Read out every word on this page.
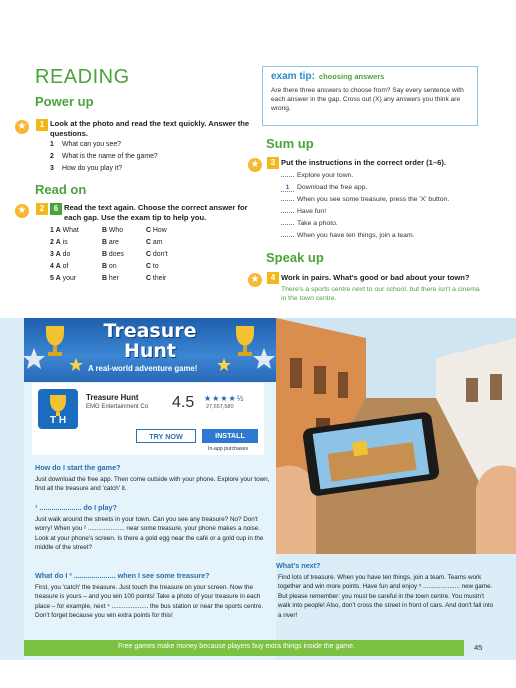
READING
Power up
★	1 Look at the photo and read the text quickly. Answer the questions.
1 What can you see?
2 What is the name of the game?
3 How do you play it?
Read on
★	2	6 Read the text again. Choose the correct answer for each gap. Use the exam tip to help you.
1 A What	B Who	C How
2 A is	B are	C am
3 A do	B does	C don't
4 A of	B on	C to
5 A your	B her	C their
exam tip: choosing answers
Are there three answers to choose from? Say every sentence with each answer in the gap. Cross out (X) any answers you think are wrong.
Sum up
★	3 Put the instructions in the correct order (1–6).
Explore your town.
1 Download the free app.
When you see some treasure, press the 'X' button.
Have fun!
Take a photo.
When you have ten things, join a team.
Speak up
★	4 Work in pairs. What's good or bad about your town?
There's a sports centre next to our school, but there isn't a cinema in the town centre.
Treasure
Hunt
A real-world adventure game!
T H
Treasure Hunt
EMG Entertainment Co 4.5 ★★★★½
27,657,580
TRY NOW	INSTALL
In-app purchases
How do I start the game?
Just download the free app. Then come outside with your phone. Explore your town, find all the treasure and 'catch' it.
¹ ..................... do I play?
Just walk around the streets in your town. Can you see any treasure? No? Don't worry! When you ² ..................... near some treasure, your phone makes a noise. Look at your phone's screen. Is there a gold egg near the café or a gold cup in the middle of the street?
What do I ³ ..................... when I see some treasure?
First, you 'catch' the treasure. Just touch the treasure on your screen. Now the treasure is yours – and you win 100 points! Take a photo of your treasure in each place – for example, next ⁴ ..................... the bus station or near the sports centre. Don't forget because you win extra points for this!
What's next?
Find lots of treasure. When you have ten things, join a team. Teams work together and win more points. Have fun and enjoy ⁵ ..................... new game. But please remember: you must be careful in the town centre. You mustn't walk into people! Also, don't cross the street in front of cars. And don't fall into a river!
Free games make money because players buy extra things inside the game.	45
